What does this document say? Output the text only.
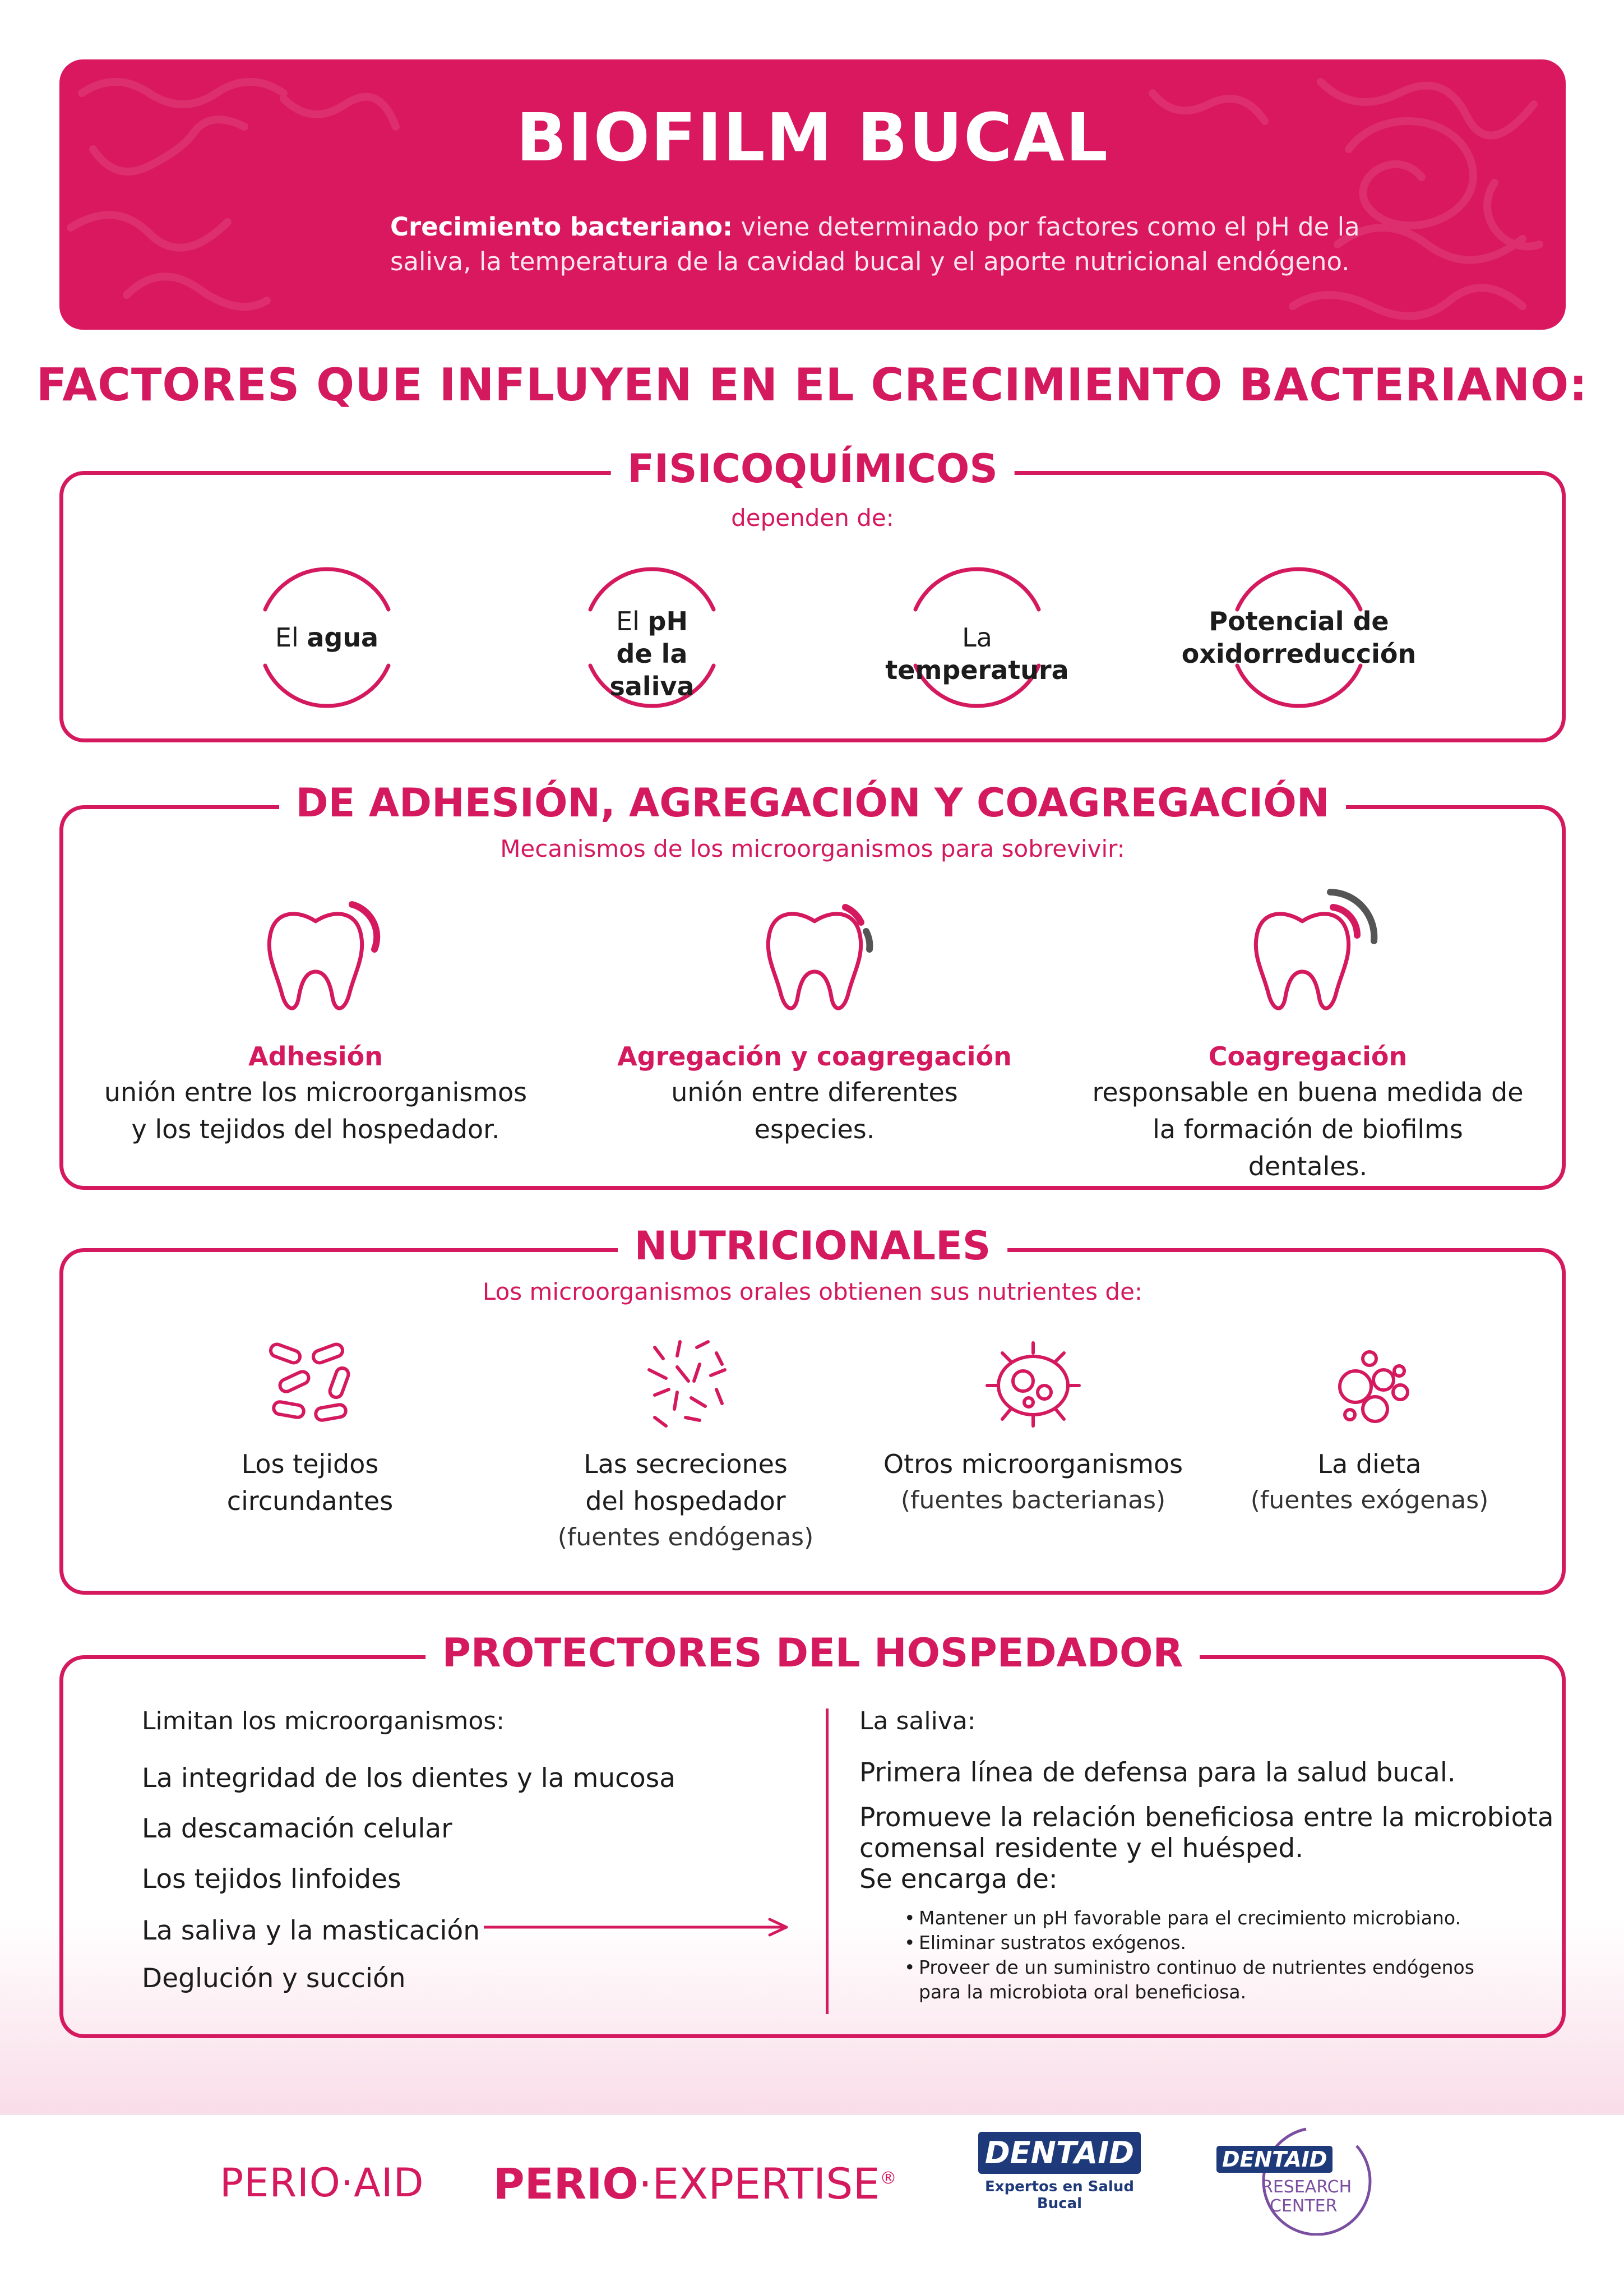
BIOFILM BUCAL
Crecimiento bacteriano: viene determinado por factores como el pH de la
saliva, la temperatura de la cavidad bucal y el aporte nutricional endógeno.
FACTORES QUE INFLUYEN EN EL CRECIMIENTO BACTERIANO:
FISICOQUÍMICOS
dependen de:
El agua
El pH
de la saliva
La temperatura
Potencial de
oxidorreducción
DE ADHESIÓN, AGREGACIÓN Y COAGREGACIÓN
Mecanismos de los microorganismos para sobrevivir:
Adhesión
unión entre los microorganismos
y los tejidos del hospedador.
Agregación y coagregación
unión entre diferentes
especies.
Coagregación
responsable en buena medida de
la formación de biofilms dentales.
NUTRICIONALES
Los microorganismos orales obtienen sus nutrientes de:
Los tejidos
circundantes
Las secreciones
del hospedador
(fuentes endógenas)
Otros microorganismos
(fuentes bacterianas)
La dieta
(fuentes exógenas)
PROTECTORES DEL HOSPEDADOR
Limitan los microorganismos:
La integridad de los dientes y la mucosa
La descamación celular
Los tejidos linfoides
La saliva y la masticación
Deglución y succión
La saliva:
Primera línea de defensa para la salud bucal.
Promueve la relación beneficiosa entre la microbiota
comensal residente y el huésped.
Se encarga de:
• Mantener un pH favorable para el crecimiento microbiano.
• Eliminar sustratos exógenos.
• Proveer de un suministro continuo de nutrientes endógenos
para la microbiota oral beneficiosa.
PERIO·AID PERIO·EXPERTISE®
DENTAID
Expertos en Salud Bucal
DENTAID
RESEARCH
CENTER
